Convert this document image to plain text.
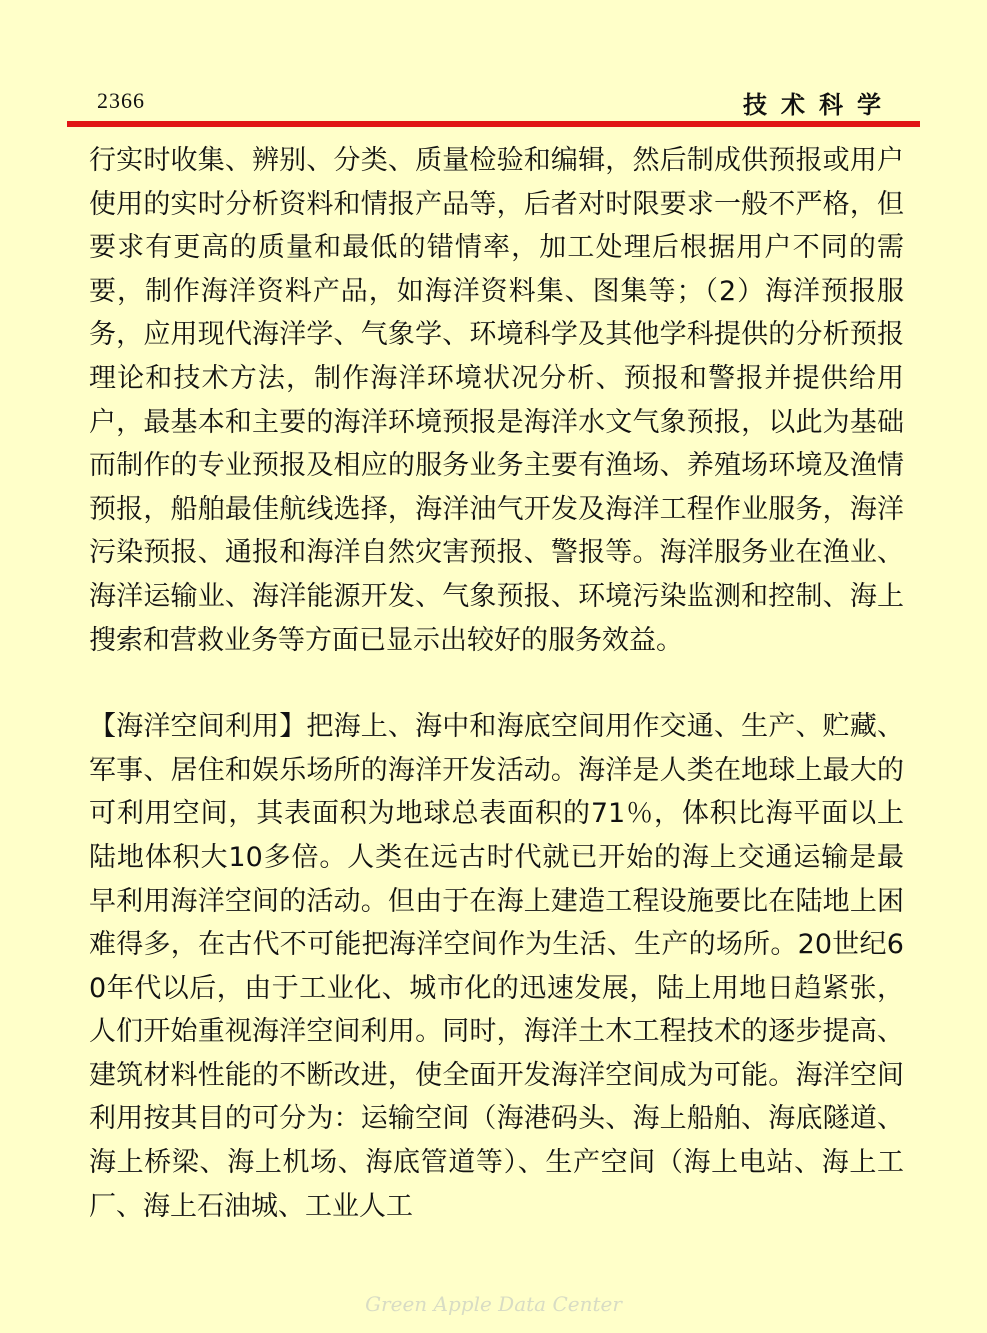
2366	技术科学

行实时收集、辨别、分类、质量检验和编辑，然后制成供预报或用户使用的实时分析资料和情报产品等，后者对时限要求一般不严格，但要求有更高的质量和最低的错情率，加工处理后根据用户不同的需要，制作海洋资料产品，如海洋资料集、图集等；（2）海洋预报服务，应用现代海洋学、气象学、环境科学及其他学科提供的分析预报理论和技术方法，制作海洋环境状况分析、预报和警报并提供给用户，最基本和主要的海洋环境预报是海洋水文气象预报，以此为基础而制作的专业预报及相应的服务业务主要有渔场、养殖场环境及渔情预报，船舶最佳航线选择，海洋油气开发及海洋工程作业服务，海洋污染预报、通报和海洋自然灾害预报、警报等。海洋服务业在渔业、海洋运输业、海洋能源开发、气象预报、环境污染监测和控制、海上搜索和营救业务等方面已显示出较好的服务效益。

【海洋空间利用】把海上、海中和海底空间用作交通、生产、贮藏、军事、居住和娱乐场所的海洋开发活动。海洋是人类在地球上最大的可利用空间，其表面积为地球总表面积的71％，体积比海平面以上陆地体积大10多倍。人类在远古时代就已开始的海上交通运输是最早利用海洋空间的活动。但由于在海上建造工程设施要比在陆地上困难得多，在古代不可能把海洋空间作为生活、生产的场所。20世纪60年代以后，由于工业化、城市化的迅速发展，陆上用地日趋紧张，人们开始重视海洋空间利用。同时，海洋土木工程技术的逐步提高、建筑材料性能的不断改进，使全面开发海洋空间成为可能。海洋空间利用按其目的可分为：运输空间（海港码头、海上船舶、海底隧道、海上桥梁、海上机场、海底管道等）、生产空间（海上电站、海上工厂、海上石油城、工业人工

Green Apple Data Center
